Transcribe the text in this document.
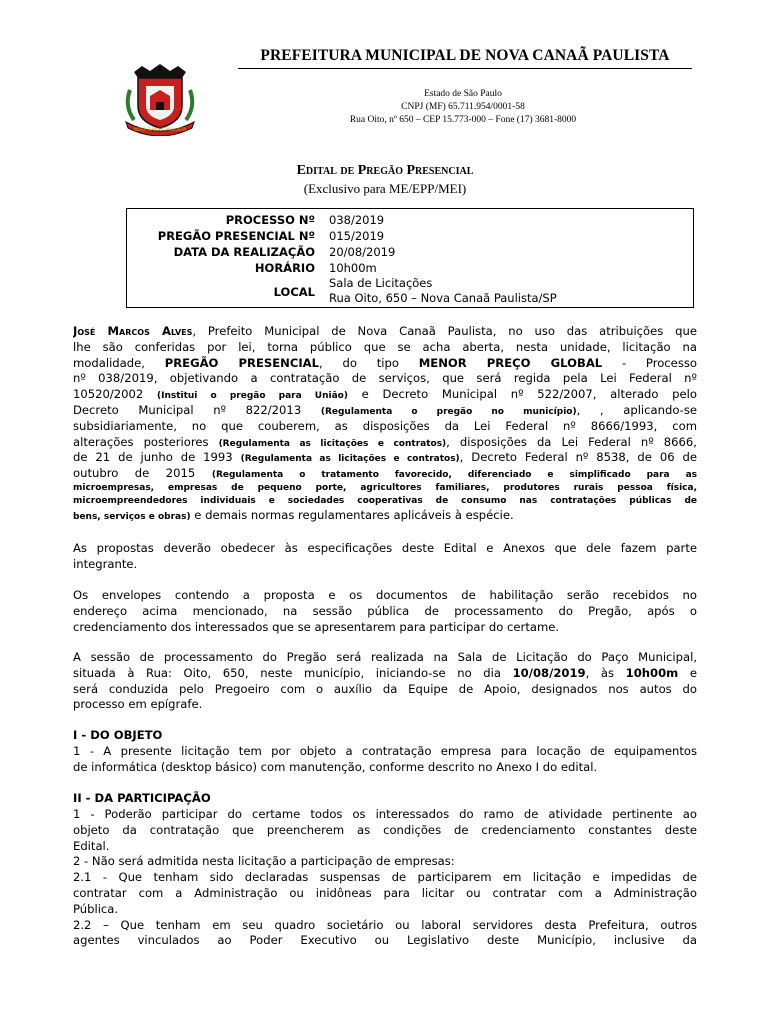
NOVA CANAÃ PAULISTA
PREFEITURA MUNICIPAL DE NOVA CANAÃ PAULISTA
Estado de São Paulo
CNPJ (MF) 65.711.954/0001-58
Rua Oito, nº 650 – CEP 15.773-000 – Fone (17) 3681-8000
Edital de Pregão Presencial
(Exclusivo para ME/EPP/MEI)
PROCESSO Nº 038/2019
PREGÃO PRESENCIAL Nº 015/2019
DATA DA REALIZAÇÃO 20/08/2019
HORÁRIO 10h00m
LOCAL
Sala de Licitações
Rua Oito, 650 – Nova Canaã Paulista/SP
José Marcos Alves, Prefeito Municipal de Nova Canaã Paulista, no uso das atribuições que
lhe são conferidas por lei, torna público que se acha aberta, nesta unidade, licitação na
modalidade, PREGÃO PRESENCIAL, do tipo MENOR PREÇO GLOBAL - Processo
nº 038/2019, objetivando a contratação de serviços, que será regida pela Lei Federal nº
10520/2002 (Institui o pregão para União) e Decreto Municipal nº 522/2007, alterado pelo
Decreto Municipal nº 822/2013 (Regulamenta o pregão no município), , aplicando-se
subsidiariamente, no que couberem, as disposições da Lei Federal nº 8666/1993, com
alterações posteriores (Regulamenta as licitações e contratos), disposições da Lei Federal nº 8666,
de 21 de junho de 1993 (Regulamenta as licitações e contratos), Decreto Federal nº 8538, de 06 de
outubro de 2015 (Regulamenta o tratamento favorecido, diferenciado e simplificado para as
microempresas, empresas de pequeno porte, agricultores familiares, produtores rurais pessoa física,
microempreendedores individuais e sociedades cooperativas de consumo nas contratações públicas de
bens, serviços e obras) e demais normas regulamentares aplicáveis à espécie.
As propostas deverão obedecer às especificações deste Edital e Anexos que dele fazem parte
integrante.
Os envelopes contendo a proposta e os documentos de habilitação serão recebidos no
endereço acima mencionado, na sessão pública de processamento do Pregão, após o
credenciamento dos interessados que se apresentarem para participar do certame.
A sessão de processamento do Pregão será realizada na Sala de Licitação do Paço Municipal,
situada à Rua: Oito, 650, neste município, iniciando-se no dia 10/08/2019, às 10h00m e
será conduzida pelo Pregoeiro com o auxílio da Equipe de Apoio, designados nos autos do
processo em epígrafe.
I - DO OBJETO
1 - A presente licitação tem por objeto a contratação empresa para locação de equipamentos
de informática (desktop básico) com manutenção, conforme descrito no Anexo I do edital.
II - DA PARTICIPAÇÃO
1 - Poderão participar do certame todos os interessados do ramo de atividade pertinente ao
objeto da contratação que preencherem as condições de credenciamento constantes deste
Edital.
2 - Não será admitida nesta licitação a participação de empresas:
2.1 - Que tenham sido declaradas suspensas de participarem em licitação e impedidas de
contratar com a Administração ou inidôneas para licitar ou contratar com a Administração
Pública.
2.2 – Que tenham em seu quadro societário ou laboral servidores desta Prefeitura, outros
agentes vinculados ao Poder Executivo ou Legislativo deste Município, inclusive da
